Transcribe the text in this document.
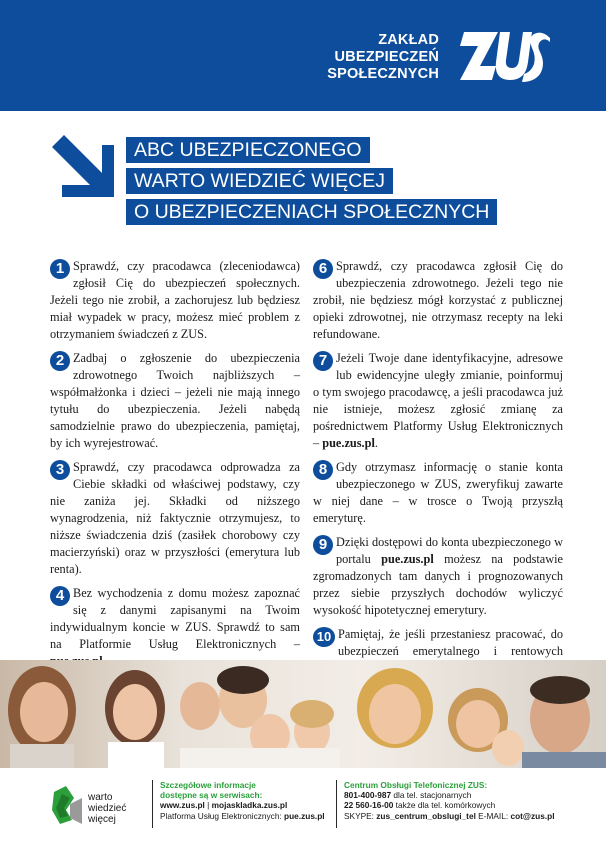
ZAKŁAD
UBEZPIECZEŃ
SPOŁECZNYCH
ABC UBEZPIECZONEGO
WARTO WIEDZIEĆ WIĘCEJ
O UBEZPIECZENIACH SPOŁECZNYCH
1 Sprawdź, czy pracodawca (zleceniodawca) zgłosił Cię do ubezpieczeń społecznych. Jeżeli tego nie zrobił, a zachorujesz lub będziesz miał wypadek w pracy, możesz mieć problem z otrzymaniem świadczeń z ZUS.
2 Zadbaj o zgłoszenie do ubezpieczenia zdrowotnego Twoich najbliższych – współmałżonka i dzieci – jeżeli nie mają innego tytułu do ubezpieczenia. Jeżeli nabędą samodzielnie prawo do ubezpieczenia, pamiętaj, by ich wyrejestrować.
3 Sprawdź, czy pracodawca odprowadza za Ciebie składki od właściwej podstawy, czy nie zaniża jej. Składki od niższego wynagrodzenia, niż faktycznie otrzymujesz, to niższe świadczenia dziś (zasiłek chorobowy czy macierzyński) oraz w przyszłości (emerytura lub renta).
4 Bez wychodzenia z domu możesz zapoznać się z danymi zapisanymi na Twoim indywidualnym koncie w ZUS. Sprawdź to sam na Platformie Usług Elektronicznych –
6 Sprawdź, czy pracodawca zgłosił Cię do ubezpieczenia zdrowotnego. Jeżeli tego nie zrobił, nie będziesz mógł korzystać z publicznej opieki zdrowotnej, nie otrzymasz recepty na leki refundowane.
7 Jeżeli Twoje dane identyfikacyjne, adresowe lub ewidencyjne uległy zmianie, poinformuj o tym swojego pracodawcę, a jeśli pracodawca już nie istnieje, możesz zgłosić zmianę za pośrednictwem Platformy Usług Elektronicznych – pue.zus.pl.
8 Gdy otrzymasz informację o stanie konta ubezpieczonego w ZUS, zweryfikuj zawarte w niej dane – w trosce o Twoją przyszłą emeryturę.
9 Dzięki dostępowi do konta ubezpieczonego w portalu pue.zus.pl możesz na podstawie zgromadzonych tam danych i prognozowanych przez siebie przyszłych dochodów wyliczyć wysokość hipotetycznej emerytury.
10 Pamiętaj, że jeśli przestaniesz pracować, do ubezpieczeń emerytalnego i rentowych
warto
wiedzieć
więcej
Szczegółowe informacje
dostępne są w serwisach:
www.zus.pl | mojaskladka.zus.pl
Platforma Usług Elektronicznych: pue.zus.pl
Centrum Obsługi Telefonicznej ZUS:
801-400-987 dla tel. stacjonarnych
22 560-16-00 także dla tel. komórkowych
SKYPE: zus_centrum_obslugi_tel E-MAIL: cot@zus.pl
